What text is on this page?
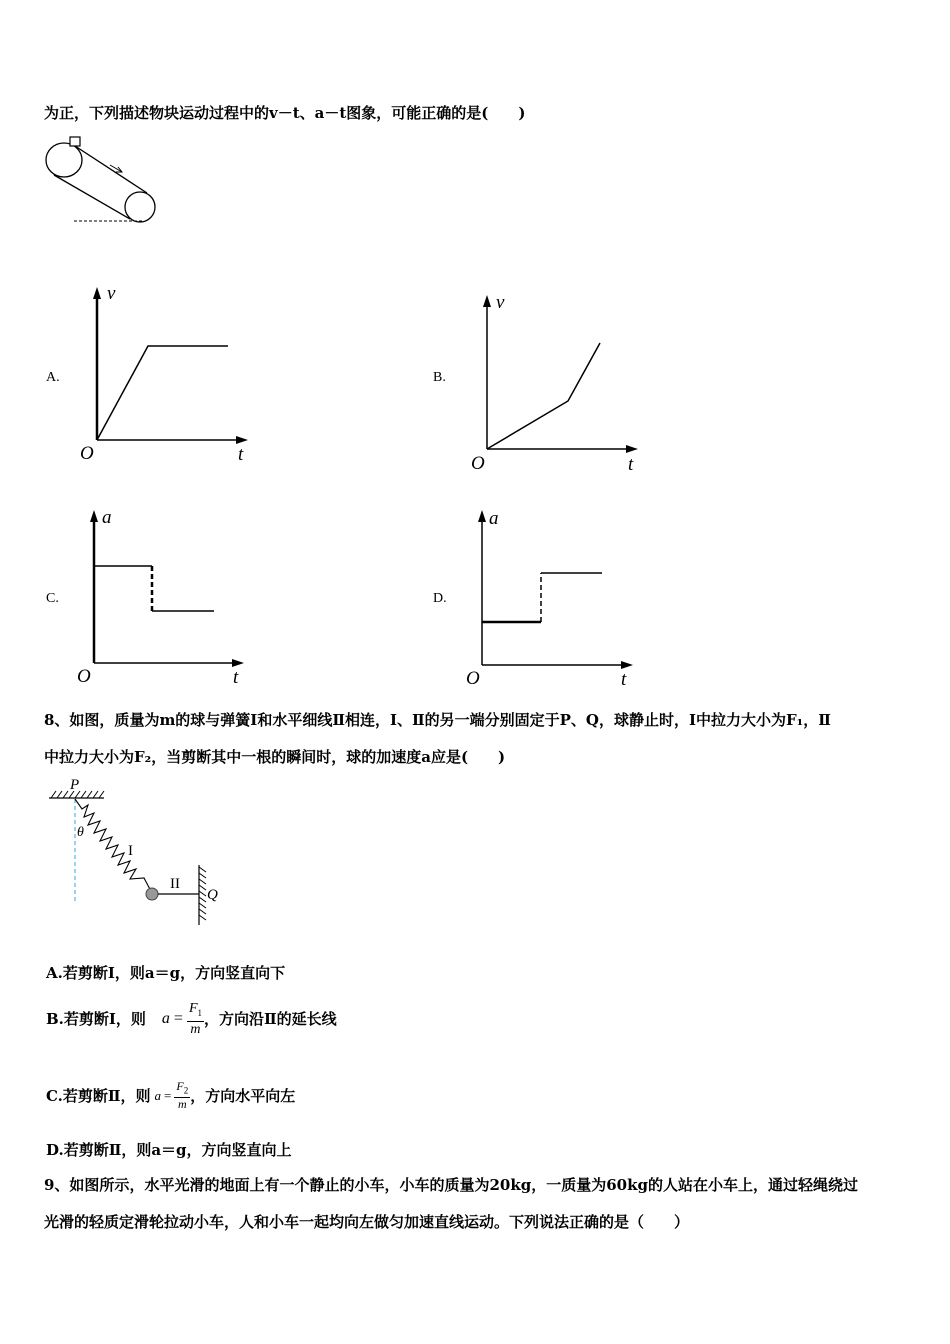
为正，下列描述物块运动过程中的v－t、a－t图象，可能正确的是(　　)
A.
v
O	t
B.
v
O	t
C.
a
O	t
D.
a
O	t
8、如图，质量为m的球与弹簧Ⅰ和水平细线Ⅱ相连，Ⅰ、Ⅱ的另一端分别固定于P、Q，球静止时，Ⅰ中拉力大小为F₁，Ⅱ
中拉力大小为F₂，当剪断其中一根的瞬间时，球的加速度a应是(　　)
P
θ
I
II
Q
A.若剪断Ⅰ，则a＝g，方向竖直向下
B.若剪断Ⅰ，则 $a = \frac{F_1}{m}$ ，方向沿Ⅱ的延长线
C.若剪断Ⅱ，则 $a = \frac{F_2}{m}$ ，方向水平向左
D.若剪断Ⅱ，则a＝g，方向竖直向上
9、如图所示，水平光滑的地面上有一个静止的小车，小车的质量为20kg，一质量为60kg的人站在小车上，通过轻绳绕过
光滑的轻质定滑轮拉动小车，人和小车一起均向左做匀加速直线运动。下列说法正确的是（　　）
